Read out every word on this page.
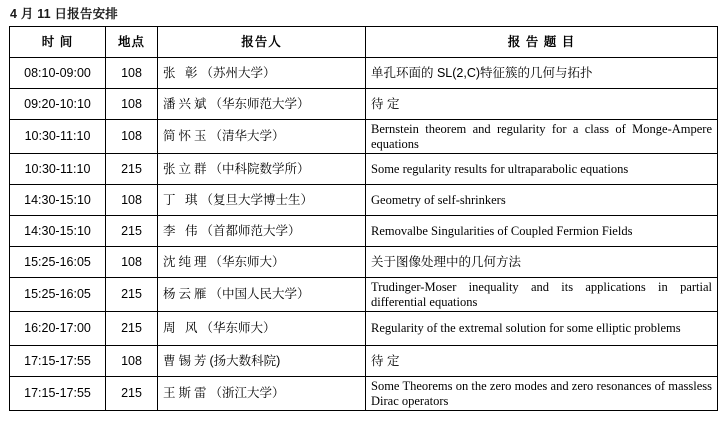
4 月 11 日报告安排
时 间	地点	报告人	报 告 题 目
08:10-09:00	108	张 彰（苏州大学）	单孔环面的 SL(2,C)特征簇的几何与拓扑
09:20-10:10	108	潘兴斌（华东师范大学）	待 定
10:30-11:10	108	简怀玉（清华大学）	Bernstein theorem and regularity for a class of Monge-Ampere equations
10:30-11:10	215	张立群（中科院数学所）	Some regularity results for ultraparabolic equations
14:30-15:10	108	丁 琪（复旦大学博士生）	Geometry of self-shrinkers
14:30-15:10	215	李 伟（首都师范大学）	Removalbe Singularities of Coupled Fermion Fields
15:25-16:05	108	沈纯理（华东师大）	关于图像处理中的几何方法
15:25-16:05	215	杨云雁（中国人民大学）	Trudinger-Moser inequality and its applications in partial differential equations
16:20-17:00	215	周 风（华东师大）	Regularity of the extremal solution for some elliptic problems
17:15-17:55	108	曹锡芳(扬大数科院)	待 定
17:15-17:55	215	王斯雷（浙江大学）	Some Theorems on the zero modes and zero resonances of massless Dirac operators
